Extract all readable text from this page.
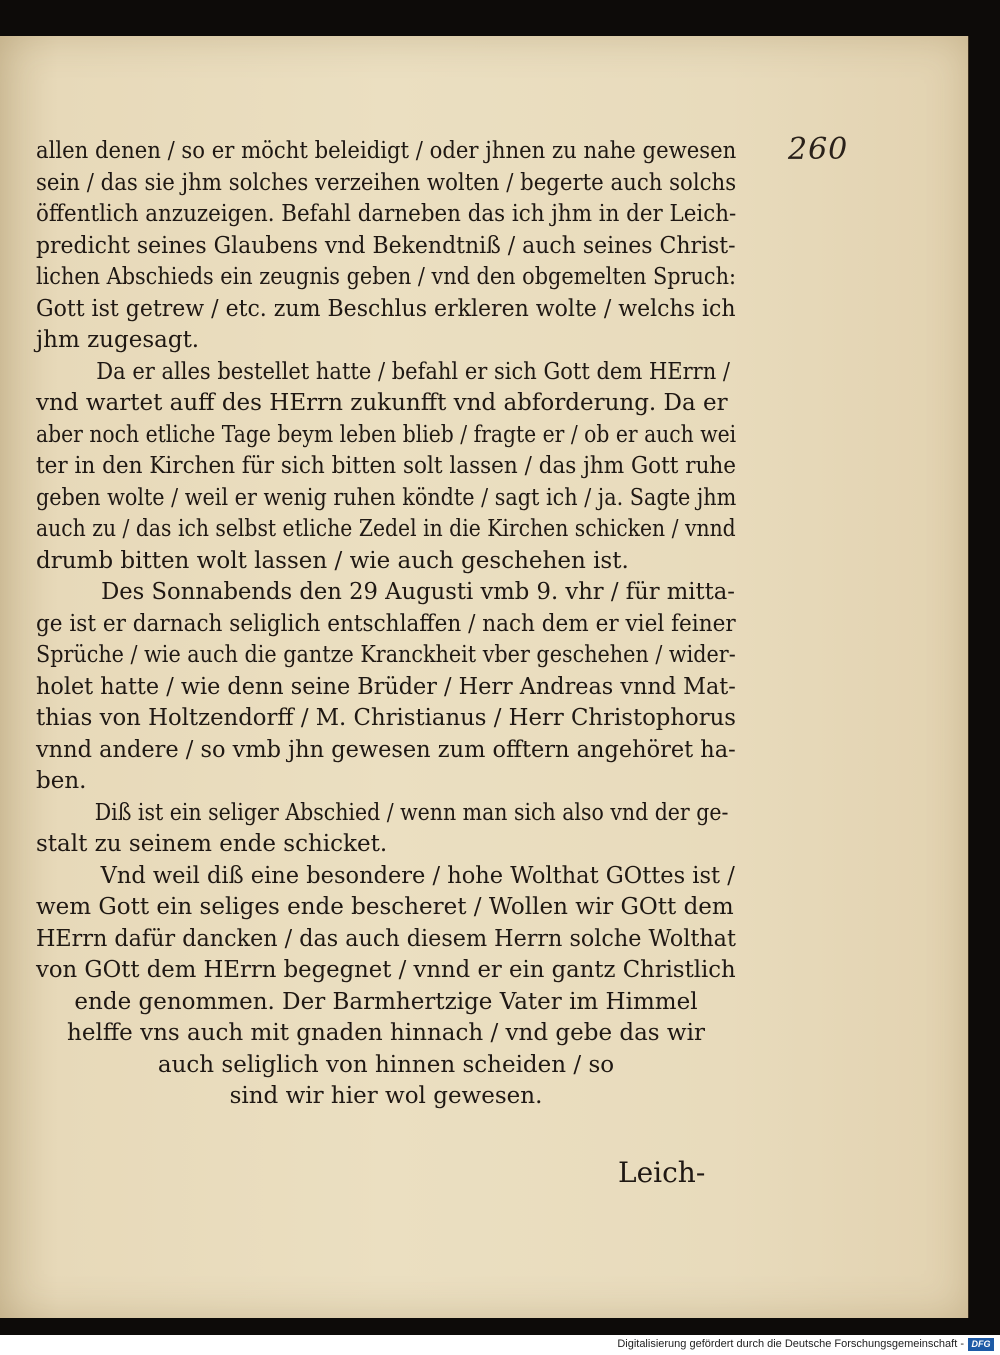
260
allen denen / so er möcht beleidigt / oder jhnen zu nahe gewesen
sein / das sie jhm solches verzeihen wolten / begerte auch solchs
öffentlich anzuzeigen. Befahl darneben das ich jhm in der Leich-
predicht seines Glaubens vnd Bekendtniß / auch seines Christ-
lichen Abschieds ein zeugnis geben / vnd den obgemelten Spruch:
Gott ist getrew / etc. zum Beschlus erkleren wolte / welchs ich
jhm zugesagt.
Da er alles bestellet hatte / befahl er sich Gott dem HErrn /
vnd wartet auff des HErrn zukunfft vnd abforderung. Da er
aber noch etliche Tage beym leben blieb / fragte er / ob er auch wei
ter in den Kirchen für sich bitten solt lassen / das jhm Gott ruhe
geben wolte / weil er wenig ruhen köndte / sagt ich / ja. Sagte jhm
auch zu / das ich selbst etliche Zedel in die Kirchen schicken / vnnd
drumb bitten wolt lassen / wie auch geschehen ist.
Des Sonnabends den 29 Augusti vmb 9. vhr / für mitta-
ge ist er darnach seliglich entschlaffen / nach dem er viel feiner
Sprüche / wie auch die gantze Kranckheit vber geschehen / wider-
holet hatte / wie denn seine Brüder / Herr Andreas vnnd Mat-
thias von Holtzendorff / M. Christianus / Herr Christophorus
vnnd andere / so vmb jhn gewesen zum offtern angehöret ha-
ben.
Diß ist ein seliger Abschied / wenn man sich also vnd der ge-
stalt zu seinem ende schicket.
Vnd weil diß eine besondere / hohe Wolthat GOttes ist /
wem Gott ein seliges ende bescheret / Wollen wir GOtt dem
HErrn dafür dancken / das auch diesem Herrn solche Wolthat
von GOtt dem HErrn begegnet / vnnd er ein gantz Christlich
ende genommen. Der Barmhertzige Vater im Himmel
helffe vns auch mit gnaden hinnach / vnd gebe das wir
auch seliglich von hinnen scheiden / so
sind wir hier wol gewesen.
Leich-
Digitalisierung gefördert durch die Deutsche Forschungsgemeinschaft - DFG
